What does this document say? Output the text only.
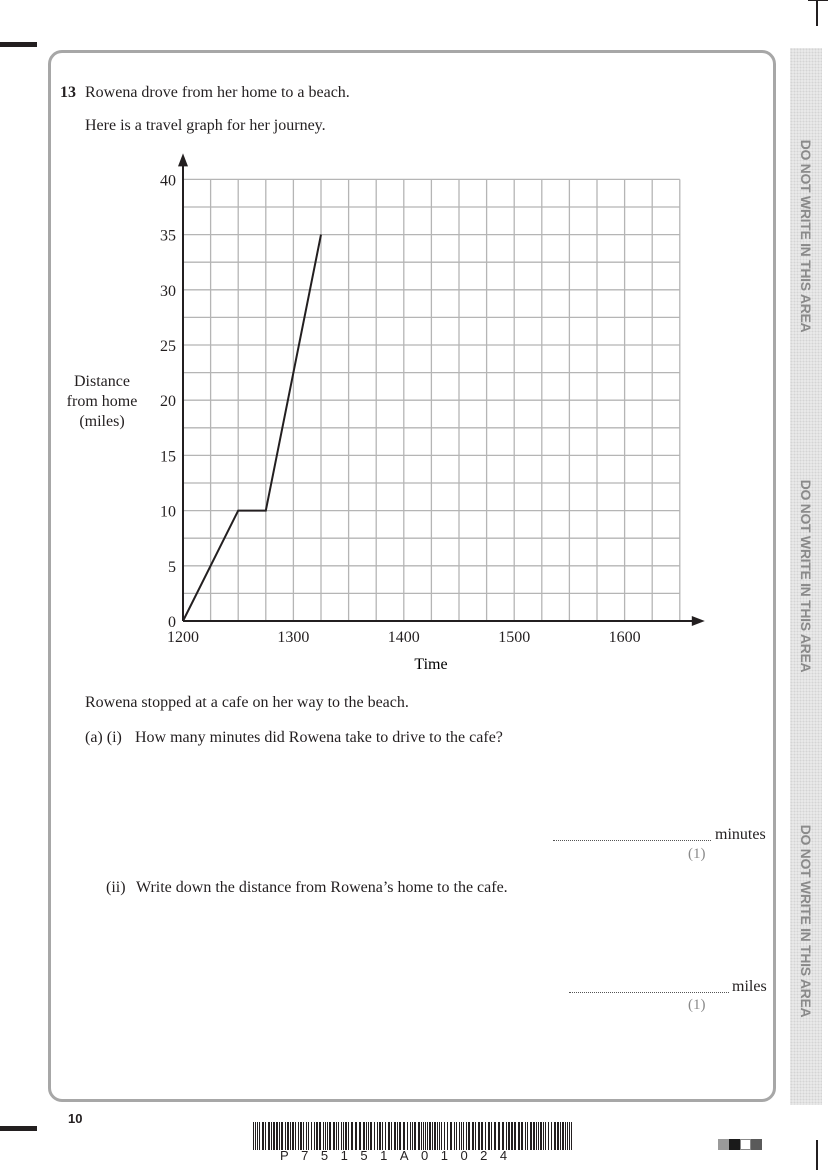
DO NOT WRITE IN THIS AREA
DO NOT WRITE IN THIS AREA
DO NOT WRITE IN THIS AREA
13 Rowena drove from her home to a beach.
Here is a travel graph for her journey.
0
5
10
15
20
25
30
35
40
1200	1300	1400	1500	1600
Time
Distance
from home
(miles)
Rowena stopped at a cafe on her way to the beach.
(a) (i) How many minutes did Rowena take to drive to the cafe?
minutes
(1)
(ii) Write down the distance from Rowena’s home to the cafe.
miles
(1)
10
P75151A01024
